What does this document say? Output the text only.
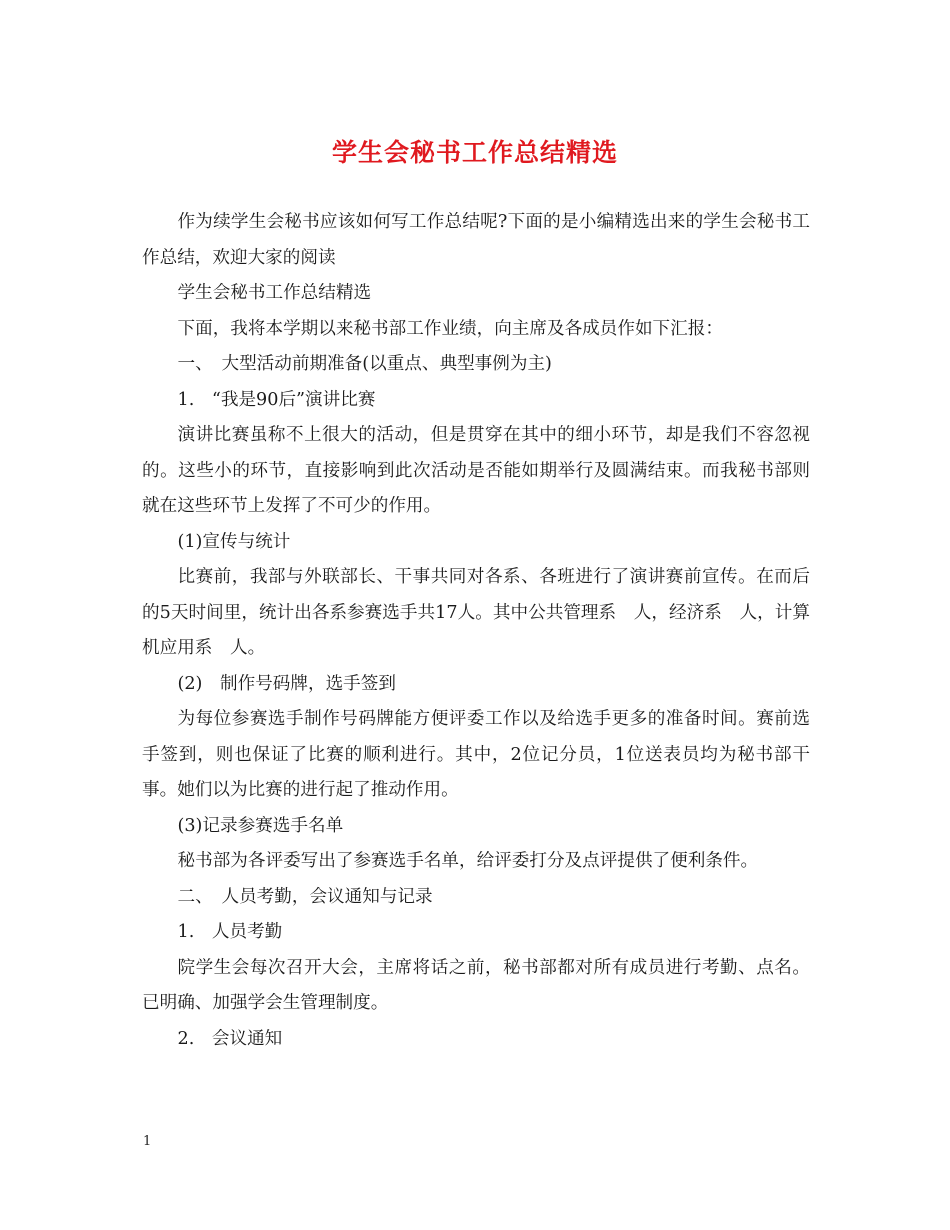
学生会秘书工作总结精选

作为续学生会秘书应该如何写工作总结呢?下面的是小编精选出来的学生会秘书工作总结，欢迎大家的阅读

学生会秘书工作总结精选

下面，我将本学期以来秘书部工作业绩，向主席及各成员作如下汇报：

一、　大型活动前期准备(以重点、典型事例为主)

1.　“我是90后”演讲比赛

演讲比赛虽称不上很大的活动，但是贯穿在其中的细小环节，却是我们不容忽视的。这些小的环节，直接影响到此次活动是否能如期举行及圆满结束。而我秘书部则就在这些环节上发挥了不可少的作用。

(1)宣传与统计

比赛前，我部与外联部长、干事共同对各系、各班进行了演讲赛前宣传。在而后的5天时间里，统计出各系参赛选手共17人。其中公共管理系　人，经济系　人，计算机应用系　人。

(2)　制作号码牌，选手签到

为每位参赛选手制作号码牌能方便评委工作以及给选手更多的准备时间。赛前选手签到，则也保证了比赛的顺利进行。其中，2位记分员，1位送表员均为秘书部干事。她们以为比赛的进行起了推动作用。

(3)记录参赛选手名单

秘书部为各评委写出了参赛选手名单，给评委打分及点评提供了便利条件。

二、　人员考勤，会议通知与记录

1.　人员考勤

院学生会每次召开大会，主席将话之前，秘书部都对所有成员进行考勤、点名。已明确、加强学会生管理制度。

2.　会议通知

1
